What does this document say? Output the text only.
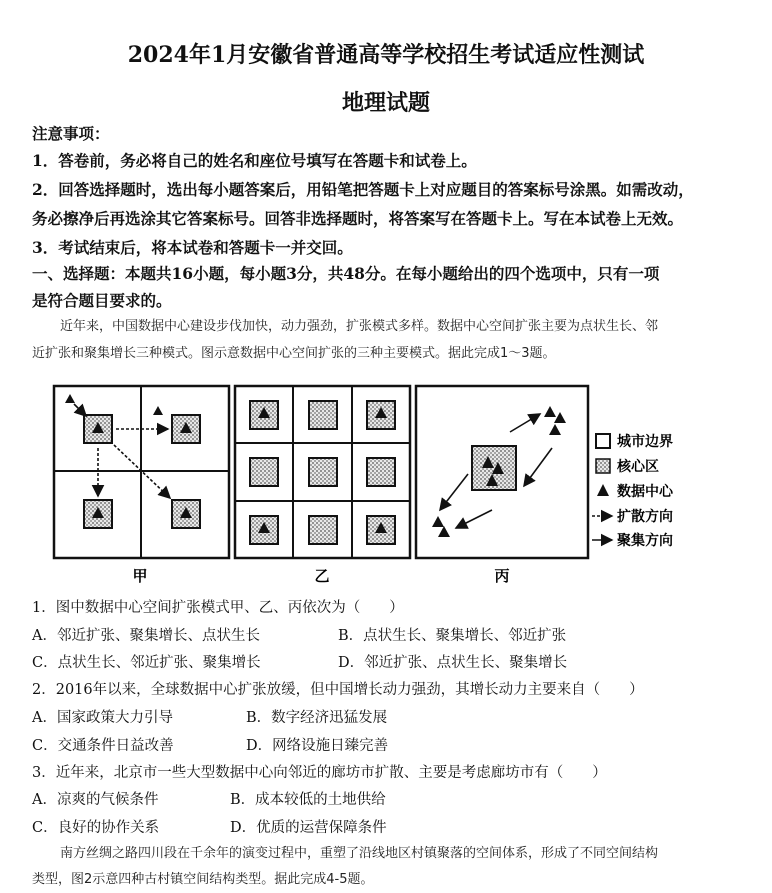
2024年1月安徽省普通高等学校招生考试适应性测试
地理试题
注意事项：
1．答卷前，务必将自己的姓名和座位号填写在答题卡和试卷上。
2．回答选择题时，选出每小题答案后，用铅笔把答题卡上对应题目的答案标号涂黑。如需改动，
务必擦净后再选涂其它答案标号。回答非选择题时，将答案写在答题卡上。写在本试卷上无效。
3．考试结束后，将本试卷和答题卡一并交回。
一、选择题：本题共16小题，每小题3分，共48分。在每小题给出的四个选项中，只有一项
是符合题目要求的。
近年来，中国数据中心建设步伐加快，动力强劲，扩张模式多样。数据中心空间扩张主要为点状生长、邻
近扩张和聚集增长三种模式。图示意数据中心空间扩张的三种主要模式。据此完成1～3题。
甲	乙	丙
城市边界
核心区
数据中心
扩散方向
聚集方向
1．图中数据中心空间扩张模式甲、乙、丙依次为（　　）
A．邻近扩张、聚集增长、点状生长	B．点状生长、聚集增长、邻近扩张
C．点状生长、邻近扩张、聚集增长	D．邻近扩张、点状生长、聚集增长
2．2016年以来，全球数据中心扩张放缓，但中国增长动力强劲，其增长动力主要来自（　　）
A．国家政策大力引导	B．数字经济迅猛发展
C．交通条件日益改善	D．网络设施日臻完善
3．近年来，北京市一些大型数据中心向邻近的廊坊市扩散、主要是考虑廊坊市有（　　）
A．凉爽的气候条件	B．成本较低的土地供给
C．良好的协作关系	D．优质的运营保障条件
南方丝绸之路四川段在千余年的演变过程中，重塑了沿线地区村镇聚落的空间体系，形成了不同空间结构
类型，图2示意四种古村镇空间结构类型。据此完成4-5题。
